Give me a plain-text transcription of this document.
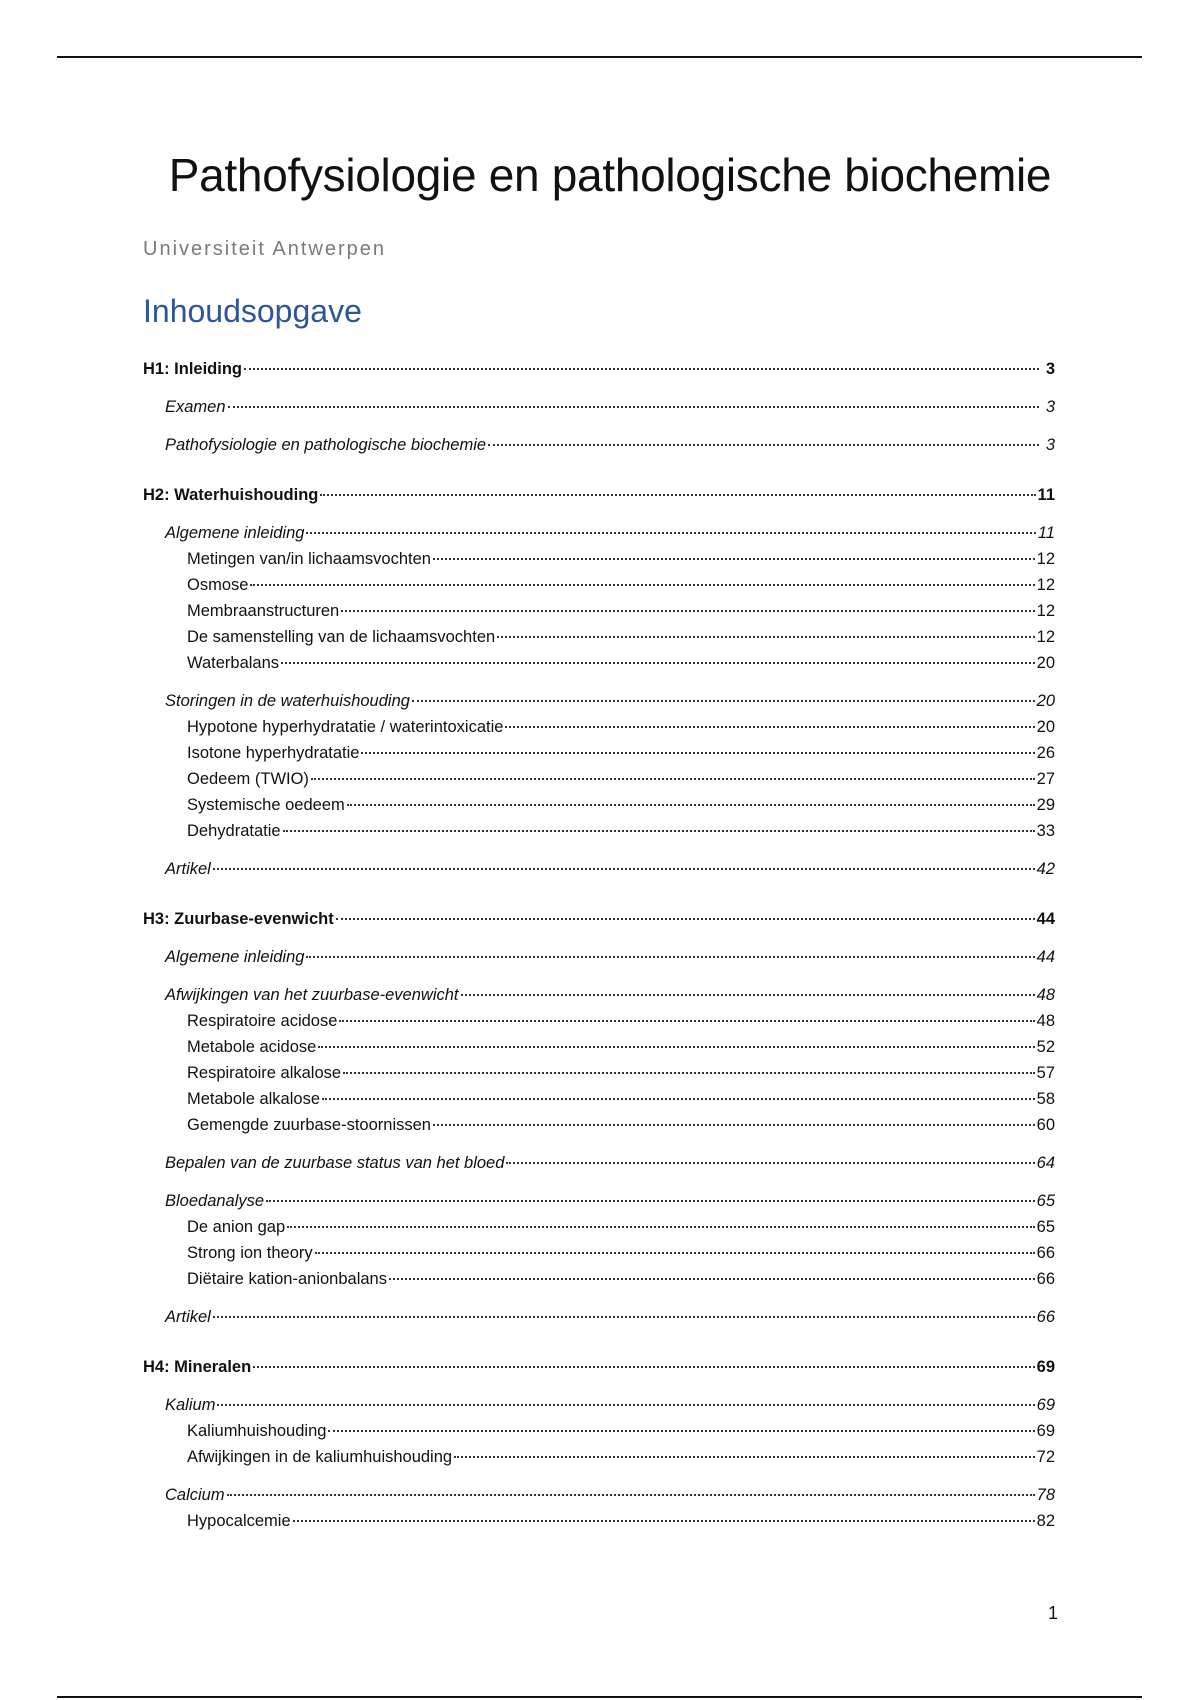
Pathofysiologie en pathologische biochemie
Universiteit Antwerpen
Inhoudsopgave
H1: Inleiding	3
Examen	3
Pathofysiologie en pathologische biochemie	3
H2: Waterhuishouding	11
Algemene inleiding	11
Metingen van/in lichaamsvochten	12
Osmose	12
Membraanstructuren	12
De samenstelling van de lichaamsvochten	12
Waterbalans	20
Storingen in de waterhuishouding	20
Hypotone hyperhydratatie / waterintoxicatie	20
Isotone hyperhydratatie	26
Oedeem (TWIO)	27
Systemische oedeem	29
Dehydratatie	33
Artikel	42
H3: Zuurbase-evenwicht	44
Algemene inleiding	44
Afwijkingen van het zuurbase-evenwicht	48
Respiratoire acidose	48
Metabole acidose	52
Respiratoire alkalose	57
Metabole alkalose	58
Gemengde zuurbase-stoornissen	60
Bepalen van de zuurbase status van het bloed	64
Bloedanalyse	65
De anion gap	65
Strong ion theory	66
Diëtaire kation-anionbalans	66
Artikel	66
H4: Mineralen	69
Kalium	69
Kaliumhuishouding	69
Afwijkingen in de kaliumhuishouding	72
Calcium	78
Hypocalcemie	82
1
